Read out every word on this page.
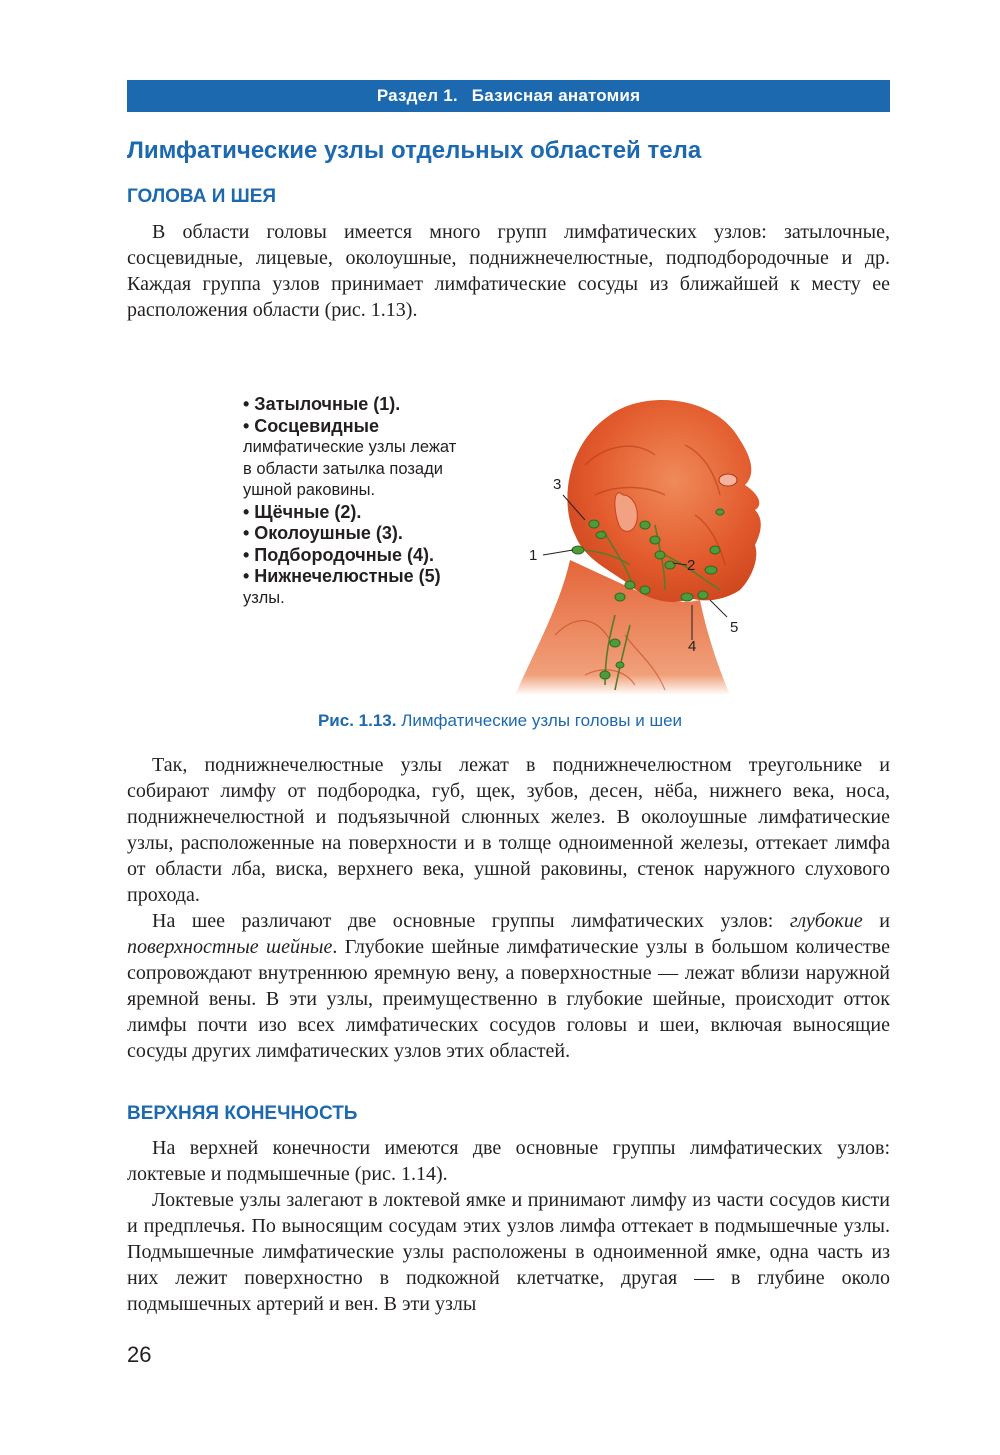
Раздел 1. Базисная анатомия
Лимфатические узлы отдельных областей тела
ГОЛОВА И ШЕЯ

В области головы имеется много групп лимфатических узлов: затылочные, сосцевидные, лицевые, околоушные, поднижнечелюстные, подподбородочные и др. Каждая группа узлов принимает лимфатические сосуды из ближайшей к месту ее расположения области (рис. 1.13).

• Затылочные (1).
• Сосцевидные
лимфатические узлы лежат
в области затылка позади
ушной раковины.
• Щёчные (2).
• Околоушные (3).
• Подбородочные (4).
• Нижнечелюстные (5)
узлы.
1
2
3
4
5
Рис. 1.13. Лимфатические узлы головы и шеи

Так, поднижнечелюстные узлы лежат в поднижнечелюстном треугольнике и собирают лимфу от подбородка, губ, щек, зубов, десен, нёба, нижнего века, носа, поднижнечелюстной и подъязычной слюнных желез. В околоушные лимфатические узлы, расположенные на поверхности и в толще одноименной железы, оттекает лимфа от области лба, виска, верхнего века, ушной раковины, стенок наружного слухового прохода.

На шее различают две основные группы лимфатических узлов: глубокие и поверхностные шейные. Глубокие шейные лимфатические узлы в большом количестве сопровождают внутреннюю яремную вену, а поверхностные — лежат вблизи наружной яремной вены. В эти узлы, преимущественно в глубокие шейные, происходит отток лимфы почти изо всех лимфатических сосудов головы и шеи, включая выносящие сосуды других лимфатических узлов этих областей.

ВЕРХНЯЯ КОНЕЧНОСТЬ

На верхней конечности имеются две основные группы лимфатических узлов: локтевые и подмышечные (рис. 1.14).

Локтевые узлы залегают в локтевой ямке и принимают лимфу из части сосудов кисти и предплечья. По выносящим сосудам этих узлов лимфа оттекает в подмышечные узлы. Подмышечные лимфатические узлы расположены в одноименной ямке, одна часть из них лежит поверхностно в подкожной клетчатке, другая — в глубине около подмышечных артерий и вен. В эти узлы

26
